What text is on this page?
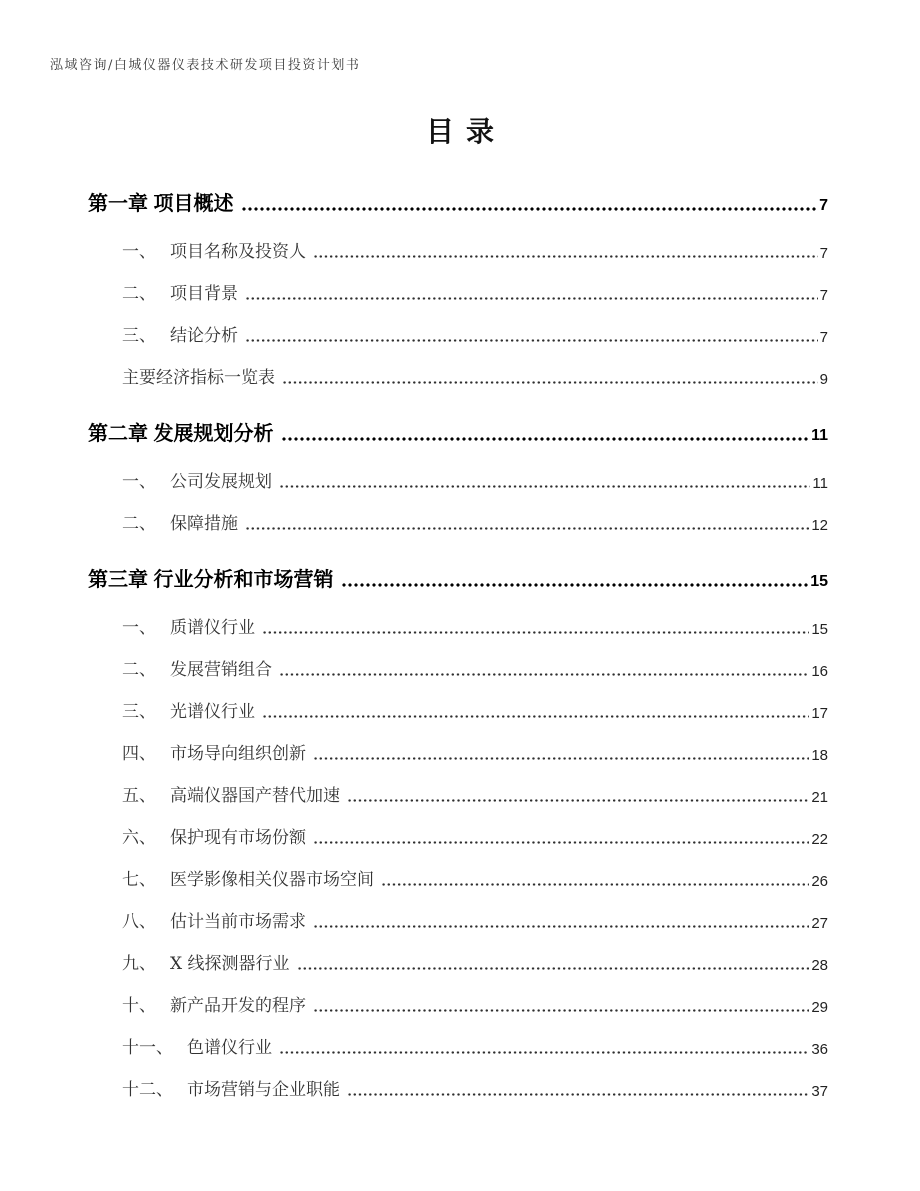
泓域咨询/白城仪器仪表技术研发项目投资计划书
目录
第一章 项目概述	7
一、 项目名称及投资人	7
二、 项目背景	7
三、 结论分析	7
主要经济指标一览表	9
第二章 发展规划分析	11
一、 公司发展规划	11
二、 保障措施	12
第三章 行业分析和市场营销	15
一、 质谱仪行业	15
二、 发展营销组合	16
三、 光谱仪行业	17
四、 市场导向组织创新	18
五、 高端仪器国产替代加速	21
六、 保护现有市场份额	22
七、 医学影像相关仪器市场空间	26
八、 估计当前市场需求	27
九、 X 线探测器行业	28
十、 新产品开发的程序	29
十一、 色谱仪行业	36
十二、 市场营销与企业职能	37
